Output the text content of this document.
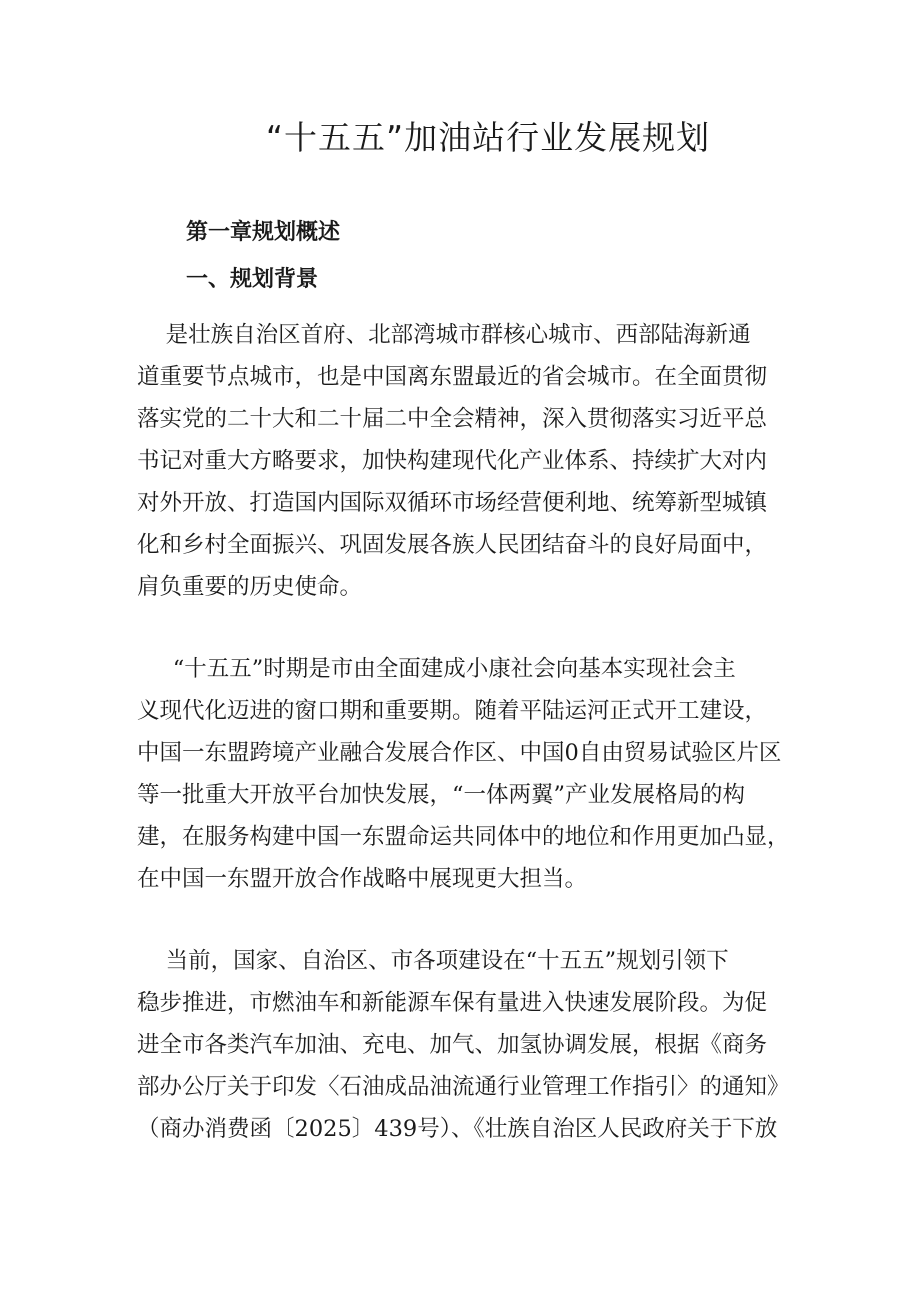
“十五五”加油站行业发展规划
第一章规划概述
一、规划背景

是壮族自治区首府、北部湾城市群核心城市、西部陆海新通
道重要节点城市，也是中国离东盟最近的省会城市。在全面贯彻
落实党的二十大和二十届二中全会精神，深入贯彻落实习近平总
书记对重大方略要求，加快构建现代化产业体系、持续扩大对内
对外开放、打造国内国际双循环市场经营便利地、统筹新型城镇
化和乡村全面振兴、巩固发展各族人民团结奋斗的良好局面中，
肩负重要的历史使命。

“十五五”时期是市由全面建成小康社会向基本实现社会主
义现代化迈进的窗口期和重要期。随着平陆运河正式开工建设，
中国一东盟跨境产业融合发展合作区、中国0自由贸易试验区片区
等一批重大开放平台加快发展，“一体两翼”产业发展格局的构
建，在服务构建中国一东盟命运共同体中的地位和作用更加凸显，
在中国一东盟开放合作战略中展现更大担当。

当前，国家、自治区、市各项建设在“十五五”规划引领下
稳步推进，市燃油车和新能源车保有量进入快速发展阶段。为促
进全市各类汽车加油、充电、加气、加氢协调发展，根据《商务
部办公厅关于印发〈石油成品油流通行业管理工作指引〉的通知》
（商办消费函〔2025〕439号）、《壮族自治区人民政府关于下放
